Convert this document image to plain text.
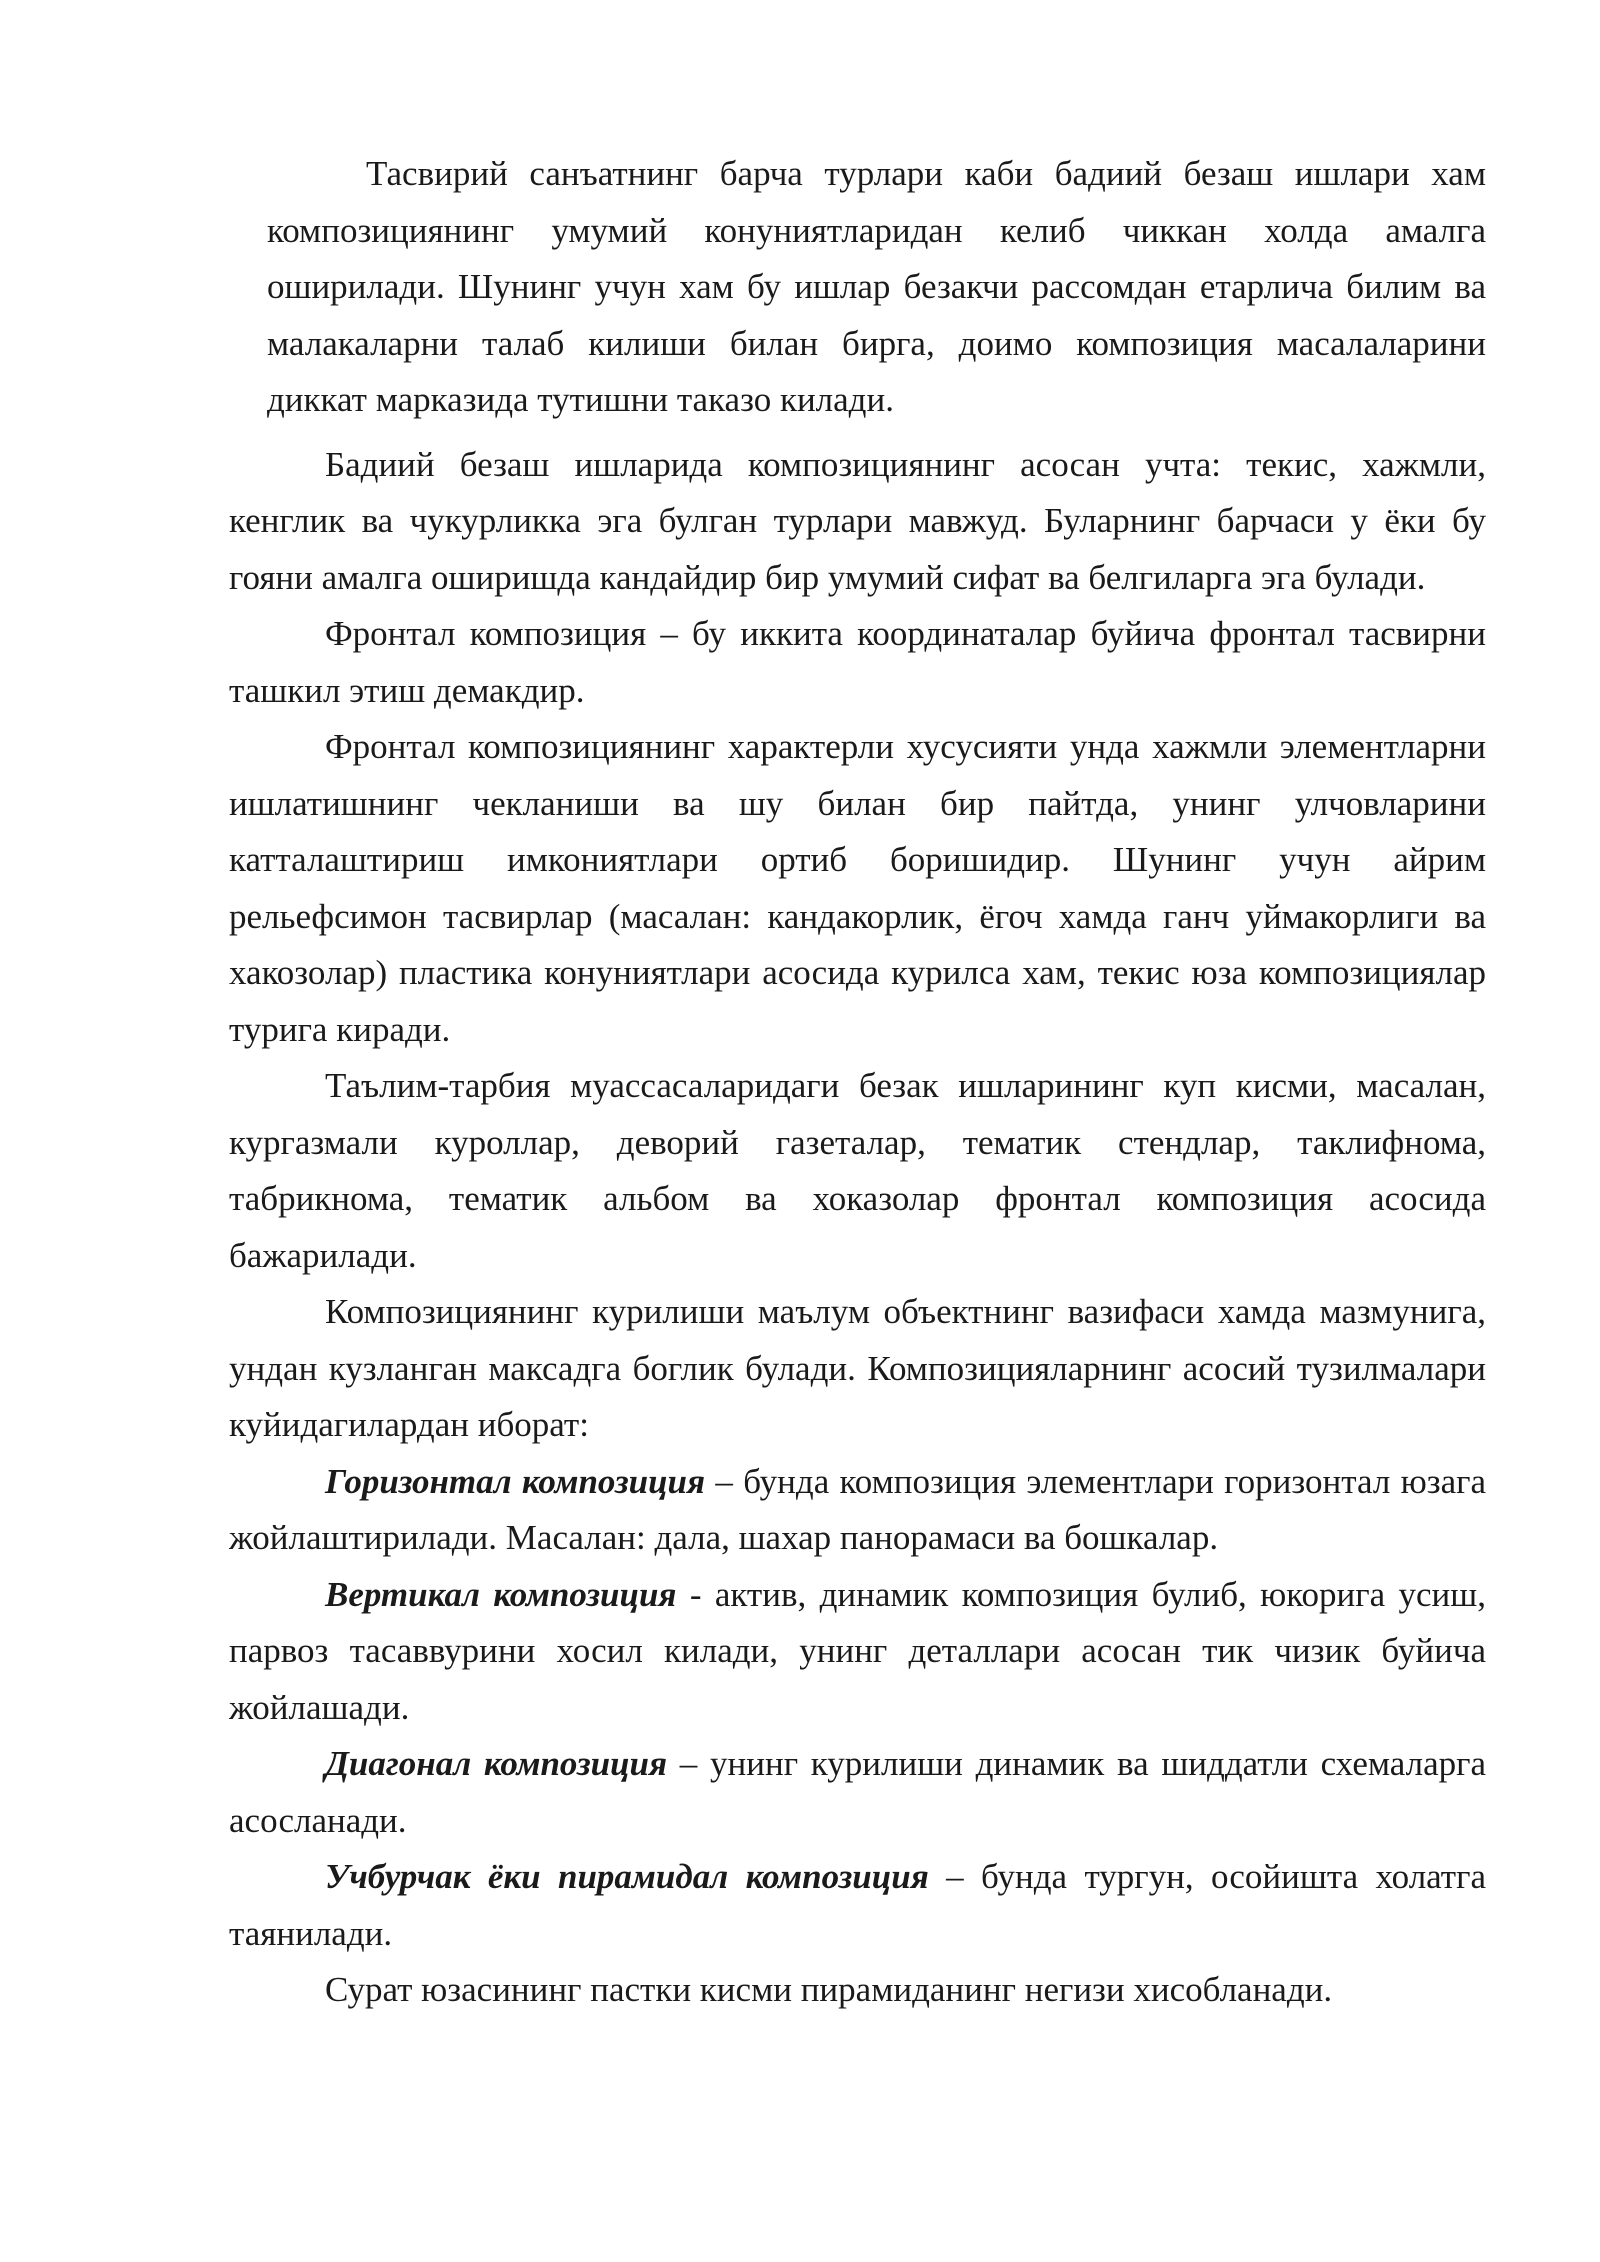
Тасвирий санъатнинг барча турлари каби бадиий безаш ишлари хам композициянинг умумий конуниятларидан келиб чиккан холда амалга оширилади. Шунинг учун хам бу ишлар безакчи рассомдан етарлича билим ва малакаларни талаб килиши билан бирга, доимо композиция масалаларини диккат марказида тутишни таказо килади.

Бадиий безаш ишларида композициянинг асосан учта: текис, хажмли, кенглик ва чукурликка эга булган турлари мавжуд. Буларнинг барчаси у ёки бу гояни амалга оширишда кандайдир бир умумий сифат ва белгиларга эга булади.

Фронтал композиция – бу иккита координаталар буйича фронтал тасвирни ташкил этиш демакдир.

Фронтал композициянинг характерли хусусияти унда хажмли элементларни ишлатишнинг чекланиши ва шу билан бир пайтда, унинг улчовларини катталаштириш имкониятлари ортиб боришидир. Шунинг учун айрим рельефсимон тасвирлар (масалан: кандакорлик, ёгоч хамда ганч уймакорлиги ва хакозолар) пластика конуниятлари асосида курилса хам, текис юза композициялар турига киради.

Таълим-тарбия муассасаларидаги безак ишларининг куп кисми, масалан, кургазмали куроллар, деворий газеталар, тематик стендлар, таклифнома, табрикнома, тематик альбом ва хоказолар фронтал композиция асосида бажарилади.

Композициянинг курилиши маълум объектнинг вазифаси хамда мазмунига, ундан кузланган максадга боглик булади. Композицияларнинг асосий тузилмалари куйидагилардан иборат:

Горизонтал композиция – бунда композиция элементлари горизонтал юзага жойлаштирилади. Масалан: дала, шахар панорамаси ва бошкалар.

Вертикал композиция - актив, динамик композиция булиб, юкорига усиш, парвоз тасаввурини хосил килади, унинг деталлари асосан тик чизик буйича жойлашади.

Диагонал композиция – унинг курилиши динамик ва шиддатли схемаларга асосланади.

Учбурчак ёки пирамидал композиция – бунда тургун, осойишта холатга таянилади.

Сурат юзасининг пастки кисми пирамиданинг негизи хисобланади.
